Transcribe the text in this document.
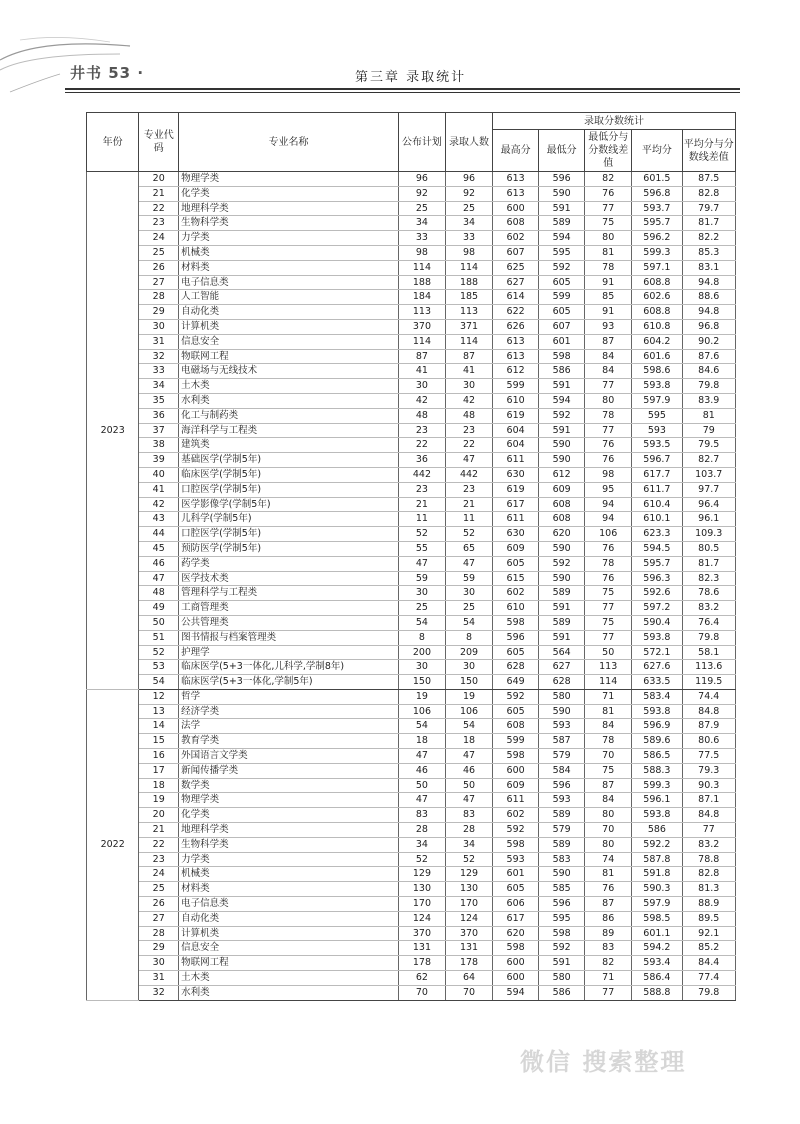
井书 53 ·	第三章 录取统计
年份	专业代码	专业名称	公布计划	录取人数	录取分数统计				
					最高分	最低分	最低分与分数线差值	平均分	平均分与分数线差值
2023	20	物理学类	96	96	613	596	82	601.5	87.5
	21	化学类	92	92	613	590	76	596.8	82.8
	22	地理科学类	25	25	600	591	77	593.7	79.7
	23	生物科学类	34	34	608	589	75	595.7	81.7
	24	力学类	33	33	602	594	80	596.2	82.2
	25	机械类	98	98	607	595	81	599.3	85.3
	26	材料类	114	114	625	592	78	597.1	83.1
	27	电子信息类	188	188	627	605	91	608.8	94.8
	28	人工智能	184	185	614	599	85	602.6	88.6
	29	自动化类	113	113	622	605	91	608.8	94.8
	30	计算机类	370	371	626	607	93	610.8	96.8
	31	信息安全	114	114	613	601	87	604.2	90.2
	32	物联网工程	87	87	613	598	84	601.6	87.6
	33	电磁场与无线技术	41	41	612	586	84	598.6	84.6
	34	土木类	30	30	599	591	77	593.8	79.8
	35	水利类	42	42	610	594	80	597.9	83.9
	36	化工与制药类	48	48	619	592	78	595	81
	37	海洋科学与工程类	23	23	604	591	77	593	79
	38	建筑类	22	22	604	590	76	593.5	79.5
	39	基础医学(学制5年)	36	47	611	590	76	596.7	82.7
	40	临床医学(学制5年)	442	442	630	612	98	617.7	103.7
	41	口腔医学(学制5年)	23	23	619	609	95	611.7	97.7
	42	医学影像学(学制5年)	21	21	617	608	94	610.4	96.4
	43	儿科学(学制5年)	11	11	611	608	94	610.1	96.1
	44	口腔医学(学制5年)	52	52	630	620	106	623.3	109.3
	45	预防医学(学制5年)	55	65	609	590	76	594.5	80.5
	46	药学类	47	47	605	592	78	595.7	81.7
	47	医学技术类	59	59	615	590	76	596.3	82.3
	48	管理科学与工程类	30	30	602	589	75	592.6	78.6
	49	工商管理类	25	25	610	591	77	597.2	83.2
	50	公共管理类	54	54	598	589	75	590.4	76.4
	51	图书情报与档案管理类	8	8	596	591	77	593.8	79.8
	52	护理学	200	209	605	564	50	572.1	58.1
	53	临床医学(5+3一体化,儿科学,学制8年)	30	30	628	627	113	627.6	113.6
	54	临床医学(5+3一体化,学制5年)	150	150	649	628	114	633.5	119.5
2022	12	哲学	19	19	592	580	71	583.4	74.4
	13	经济学类	106	106	605	590	81	593.8	84.8
	14	法学	54	54	608	593	84	596.9	87.9
	15	教育学类	18	18	599	587	78	589.6	80.6
	16	外国语言文学类	47	47	598	579	70	586.5	77.5
	17	新闻传播学类	46	46	600	584	75	588.3	79.3
	18	数学类	50	50	609	596	87	599.3	90.3
	19	物理学类	47	47	611	593	84	596.1	87.1
	20	化学类	83	83	602	589	80	593.8	84.8
	21	地理科学类	28	28	592	579	70	586	77
	22	生物科学类	34	34	598	589	80	592.2	83.2
	23	力学类	52	52	593	583	74	587.8	78.8
	24	机械类	129	129	601	590	81	591.8	82.8
	25	材料类	130	130	605	585	76	590.3	81.3
	26	电子信息类	170	170	606	596	87	597.9	88.9
	27	自动化类	124	124	617	595	86	598.5	89.5
	28	计算机类	370	370	620	598	89	601.1	92.1
	29	信息安全	131	131	598	592	83	594.2	85.2
	30	物联网工程	178	178	600	591	82	593.4	84.4
	31	土木类	62	64	600	580	71	586.4	77.4
	32	水利类	70	70	594	586	77	588.8	79.8
微信 搜索整理
